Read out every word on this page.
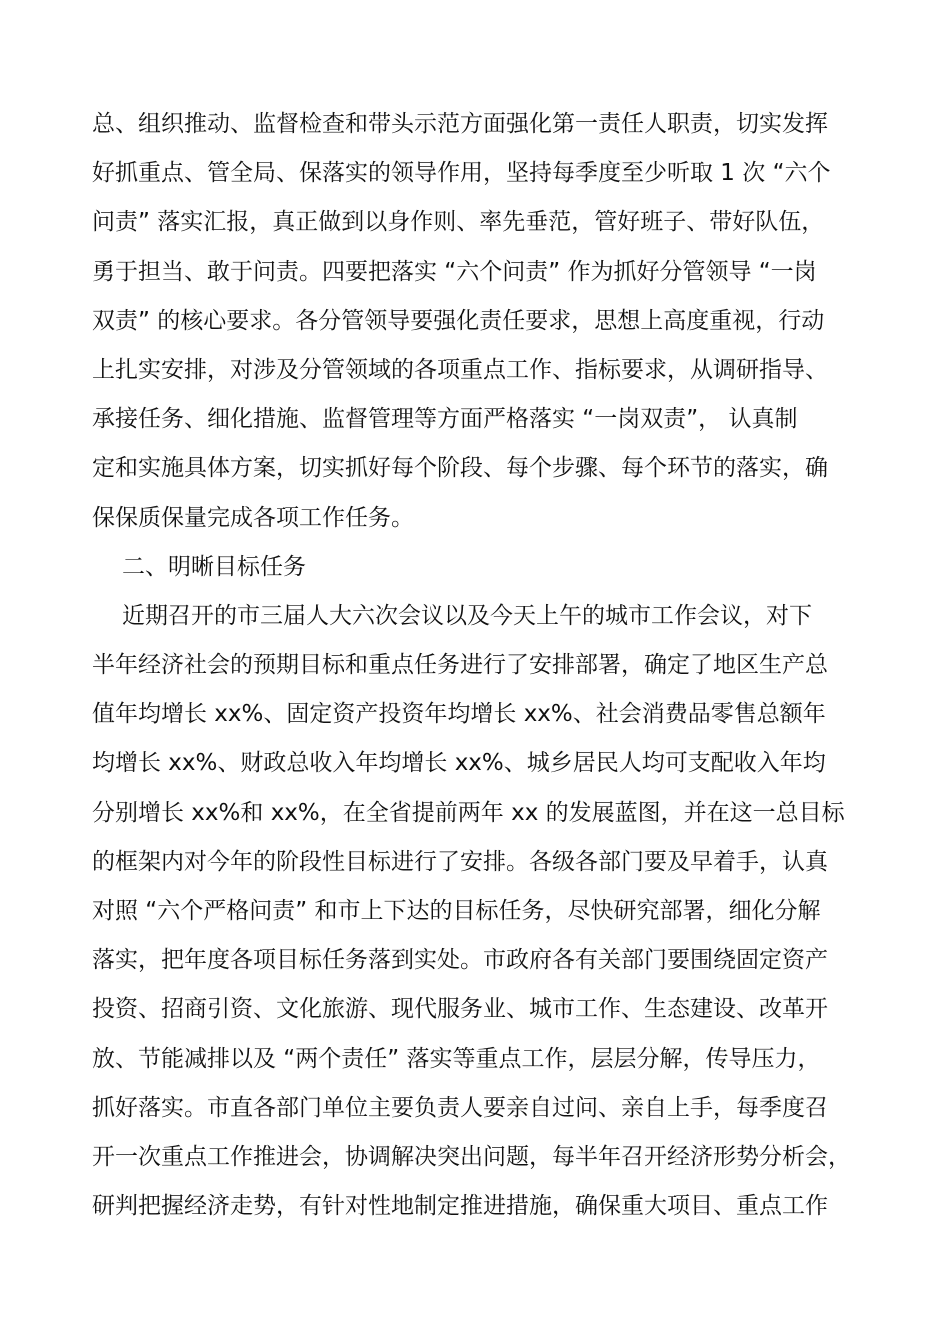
总、组织推动、监督检查和带头示范方面强化第一责任人职责，切实发挥
好抓重点、管全局、保落实的领导作用，坚持每季度至少听取 1 次 “六个
问责” 落实汇报，真正做到以身作则、率先垂范，管好班子、带好队伍，
勇于担当、敢于问责。四要把落实 “六个问责” 作为抓好分管领导 “一岗
双责” 的核心要求。各分管领导要强化责任要求，思想上高度重视，行动
上扎实安排，对涉及分管领域的各项重点工作、指标要求，从调研指导、
承接任务、细化措施、监督管理等方面严格落实 “一岗双责”， 认真制
定和实施具体方案，切实抓好每个阶段、每个步骤、每个环节的落实，确
保保质保量完成各项工作任务。
二、明晰目标任务
近期召开的市三届人大六次会议以及今天上午的城市工作会议，对下
半年经济社会的预期目标和重点任务进行了安排部署，确定了地区生产总
值年均增长 xx%、固定资产投资年均增长 xx%、社会消费品零售总额年
均增长 xx%、财政总收入年均增长 xx%、城乡居民人均可支配收入年均
分别增长 xx%和 xx%，在全省提前两年 xx 的发展蓝图，并在这一总目标
的框架内对今年的阶段性目标进行了安排。各级各部门要及早着手，认真
对照 “六个严格问责” 和市上下达的目标任务，尽快研究部署，细化分解
落实，把年度各项目标任务落到实处。市政府各有关部门要围绕固定资产
投资、招商引资、文化旅游、现代服务业、城市工作、生态建设、改革开
放、节能减排以及 “两个责任” 落实等重点工作，层层分解，传导压力，
抓好落实。市直各部门单位主要负责人要亲自过问、亲自上手，每季度召
开一次重点工作推进会，协调解决突出问题，每半年召开经济形势分析会，
研判把握经济走势，有针对性地制定推进措施，确保重大项目、重点工作
